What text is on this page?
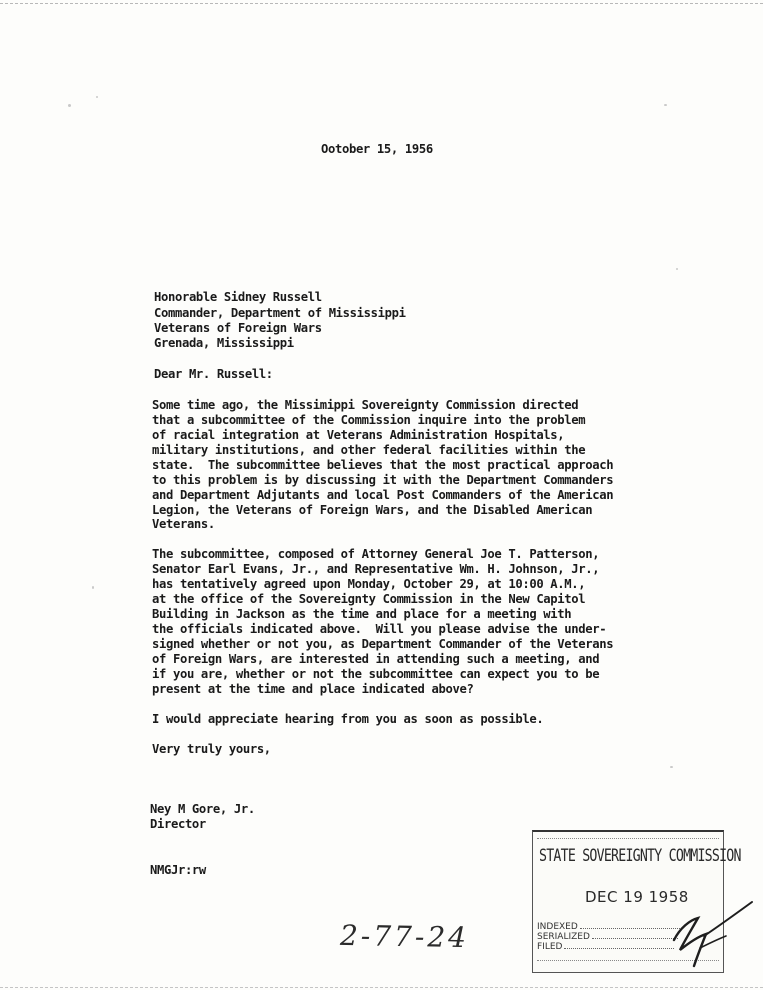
Ootober 15, 1956
Honorable Sidney Russell
Commander, Department of Mississippi
Veterans of Foreign Wars
Grenada, Mississippi
Dear Mr. Russell:
Some time ago, the Missimippi Sovereignty Commission directed
that a subcommittee of the Commission inquire into the problem
of racial integration at Veterans Administration Hospitals,
military institutions, and other federal facilities within the
state.  The subcommittee believes that the most practical approach
to this problem is by discussing it with the Department Commanders
and Department Adjutants and local Post Commanders of the American
Legion, the Veterans of Foreign Wars, and the Disabled American
Veterans.
The subcommittee, composed of Attorney General Joe T. Patterson,
Senator Earl Evans, Jr., and Representative Wm. H. Johnson, Jr.,
has tentatively agreed upon Monday, October 29, at 10:00 A.M.,
at the office of the Sovereignty Commission in the New Capitol
Building in Jackson as the time and place for a meeting with
the officials indicated above.  Will you please advise the under-
signed whether or not you, as Department Commander of the Veterans
of Foreign Wars, are interested in attending such a meeting, and
if you are, whether or not the subcommittee can expect you to be
present at the time and place indicated above?
I would appreciate hearing from you as soon as possible.
Very truly yours,
Ney M Gore, Jr.
Director
NMGJr:rw
2-77-24
STATE SOVEREIGNTY COMMISSION
DEC 19 1958
INDEXED
SERIALIZED
FILED
